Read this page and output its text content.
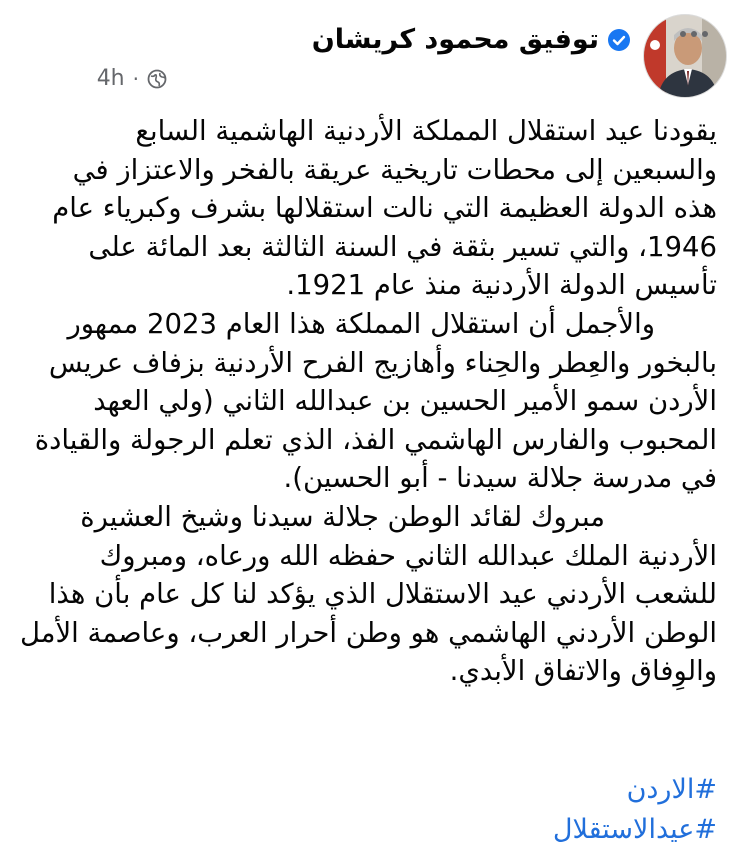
توفيق محمود كريشان
4h ·

يقودنا عيد استقلال المملكة الأردنية الهاشمية السابع

والسبعين إلى محطات تاريخية عريقة بالفخر والاعتزاز في

هذه الدولة العظيمة التي نالت استقلالها بشرف وكبرياء عام

1946، والتي تسير بثقة في السنة الثالثة بعد المائة على

تأسيس الدولة الأردنية منذ عام 1921.

والأجمل أن استقلال المملكة هذا العام 2023 ممهور

بالبخور والعِطر والحِناء وأهازيج الفرح الأردنية بزفاف عريس

الأردن سمو الأمير الحسين بن عبدالله الثاني (ولي العهد

المحبوب والفارس الهاشمي الفذ، الذي تعلم الرجولة والقيادة

في مدرسة جلالة سيدنا - أبو الحسين).

مبروك لقائد الوطن جلالة سيدنا وشيخ العشيرة

الأردنية الملك عبدالله الثاني حفظه الله ورعاه، ومبروك

للشعب الأردني عيد الاستقلال الذي يؤكد لنا كل عام بأن هذا

الوطن الأردني الهاشمي هو وطن أحرار العرب، وعاصمة الأمل

والوِفاق والاتفاق الأبدي.

#الاردن
#عيدالاستقلال
